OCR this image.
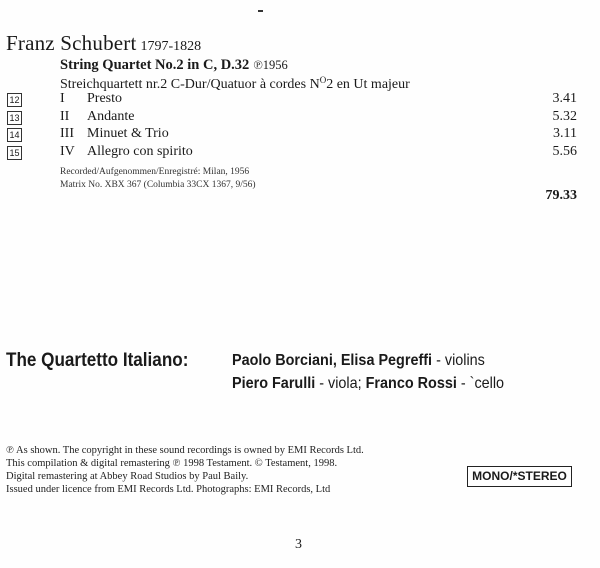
Franz Schubert 1797-1828
String Quartet No.2 in C, D.32 ℗1956
Streichquartett nr.2 C-Dur/Quatuor à cordes $N^O2$ en Ut majeur
12	I Presto	3.41
13	II Andante	5.32
14	III Minuet & Trio	3.11
15	IV Allegro con spirito	5.56
Recorded/Aufgenommen/Enregistré: Milan, 1956
Matrix No. XBX 367 (Columbia 33CX 1367, 9/56)
79.33
The Quartetto Italiano:	Paolo Borciani, Elisa Pegreffi - violins
Piero Farulli - viola; Franco Rossi - `cello
℗ As shown. The copyright in these sound recordings is owned by EMI Records Ltd.
This compilation & digital remastering ℗ 1998 Testament. © Testament, 1998.
Digital remastering at Abbey Road Studios by Paul Baily.
Issued under licence from EMI Records Ltd. Photographs: EMI Records, Ltd
MONO/*STEREO
3
